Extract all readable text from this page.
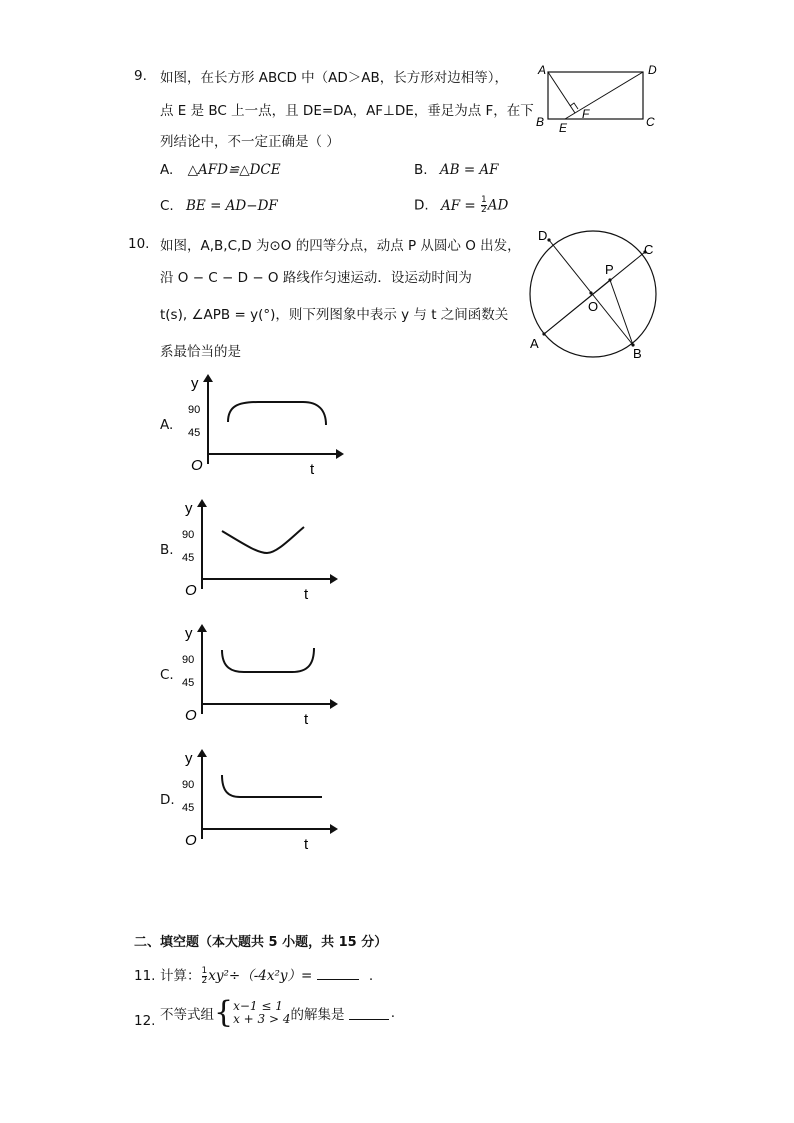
9. 如图，在长方形 ABCD 中（AD＞AB，长方形对边相等），
点 E 是 BC 上一点，且 DE=DA，AF⊥DE，垂足为点 F，在下
列结论中，不一定正确是（ ）
A. △AFD≌△DCE	B. AB = AF
C. BE = AD−DF	D. AF = $\frac{1}{2}$ AD
A	D
B	C
E
F
10. 如图，A,B,C,D 为⊙O 的四等分点，动点 P 从圆心 O 出发，
沿 O − C − D − O 路线作匀速运动．设运动时间为
t(s), ∠APB = y(°)，则下列图象中表示 y 与 t 之间函数关
系最恰当的是
D
C
P
O
A
B
A.
y
90
45
O	t
B.
y
90
45
O	t
C.
y
90
45
O	t
D.
y
90
45
O	t
二、填空题（本大题共 5 小题，共 15 分）
11. 计算： $\frac{1}{2} xy^2\div(-4x^2y)=$	.
12. 不等式组{ x−1 ≤ 1
x + 3 > 4 的解集是	.
